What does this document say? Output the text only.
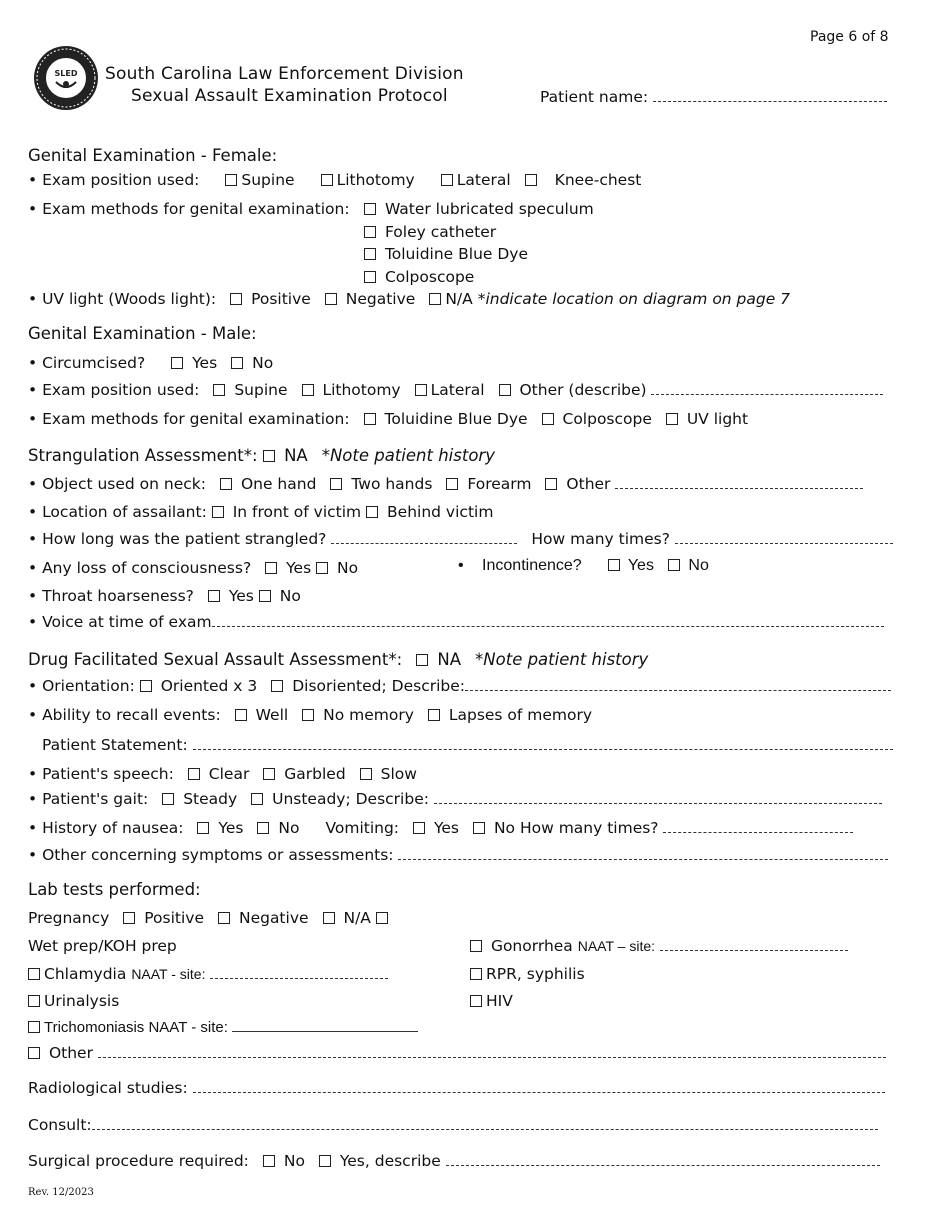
Page 6 of 8
SLED South Carolina Law Enforcement Division
Sexual Assault Examination Protocol	Patient name:
Genital Examination - Female:
• Exam position used:	Supine	Lithotomy	Lateral	Knee-chest
• Exam methods for genital examination:	Water lubricated speculum
Foley catheter
Toluidine Blue Dye
Colposcope
• UV light (Woods light): Positive Negative N/A *indicate location on diagram on page 7
Genital Examination - Male:
• Circumcised?	Yes No
• Exam position used: Supine Lithotomy Lateral Other (describe)
• Exam methods for genital examination: Toluidine Blue Dye Colposcope UV light
Strangulation Assessment*: NA *Note patient history
• Object used on neck: One hand Two hands Forearm Other
• Location of assailant: In front of victim Behind victim
• How long was the patient strangled?	How many times?
• Any loss of consciousness? Yes No	• Incontinence?	Yes No
• Throat hoarseness? Yes No
• Voice at time of exam
Drug Facilitated Sexual Assault Assessment*: NA *Note patient history
• Orientation: Oriented x 3 Disoriented; Describe:
• Ability to recall events: Well No memory Lapses of memory
Patient Statement:
• Patient's speech: Clear Garbled Slow
• Patient's gait: Steady Unsteady; Describe:
• History of nausea: Yes No Vomiting: Yes No How many times?
• Other concerning symptoms or assessments:
Lab tests performed:
Pregnancy Positive Negative N/A
Wet prep/KOH prep	Gonorrhea NAAT – site:
Chlamydia NAAT - site:	RPR, syphilis
Urinalysis	HIV
Trichomoniasis NAAT - site:
Other
Radiological studies:
Consult:
Surgical procedure required: No Yes, describe
Rev. 12/2023
